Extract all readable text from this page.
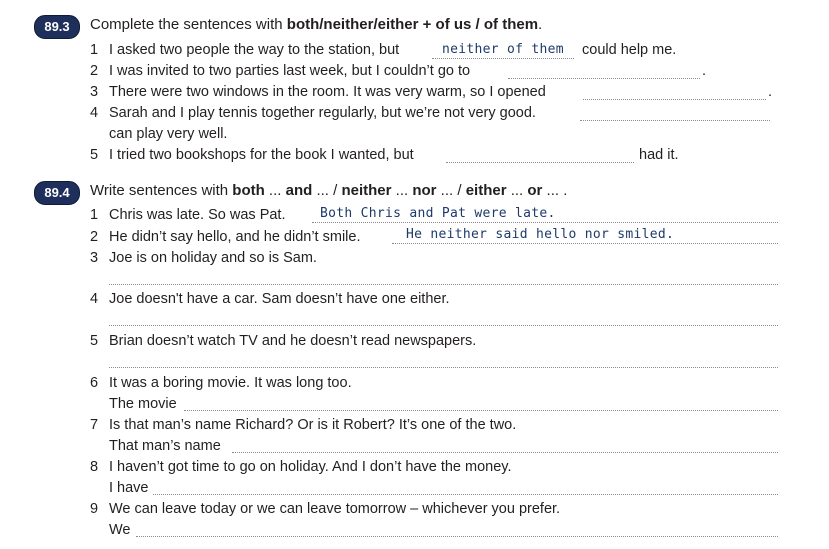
89.3	Complete the sentences with both/neither/either + of us / of them.
1 I asked two people the way to the station, but	neither of them could help me.
2 I was invited to two parties last week, but I couldn’t go to	.
3 There were two windows in the room. It was very warm, so I opened	.
4 Sarah and I play tennis together regularly, but we’re not very good.
can play very well.
5 I tried two bookshops for the book I wanted, but	had it.
89.4	Write sentences with both ... and ... / neither ... nor ... / either ... or ... .
1 Chris was late. So was Pat.	Both Chris and Pat were late.
2 He didn’t say hello, and he didn’t smile.	He neither said hello nor smiled.
3 Joe is on holiday and so is Sam.
4 Joe doesn't have a car. Sam doesn’t have one either.
5 Brian doesn’t watch TV and he doesn’t read newspapers.
6 It was a boring movie. It was long too.
The movie
7 Is that man’s name Richard? Or is it Robert? It’s one of the two.
That man’s name
8 I haven’t got time to go on holiday. And I don’t have the money.
I have
9 We can leave today or we can leave tomorrow – whichever you prefer.
We
